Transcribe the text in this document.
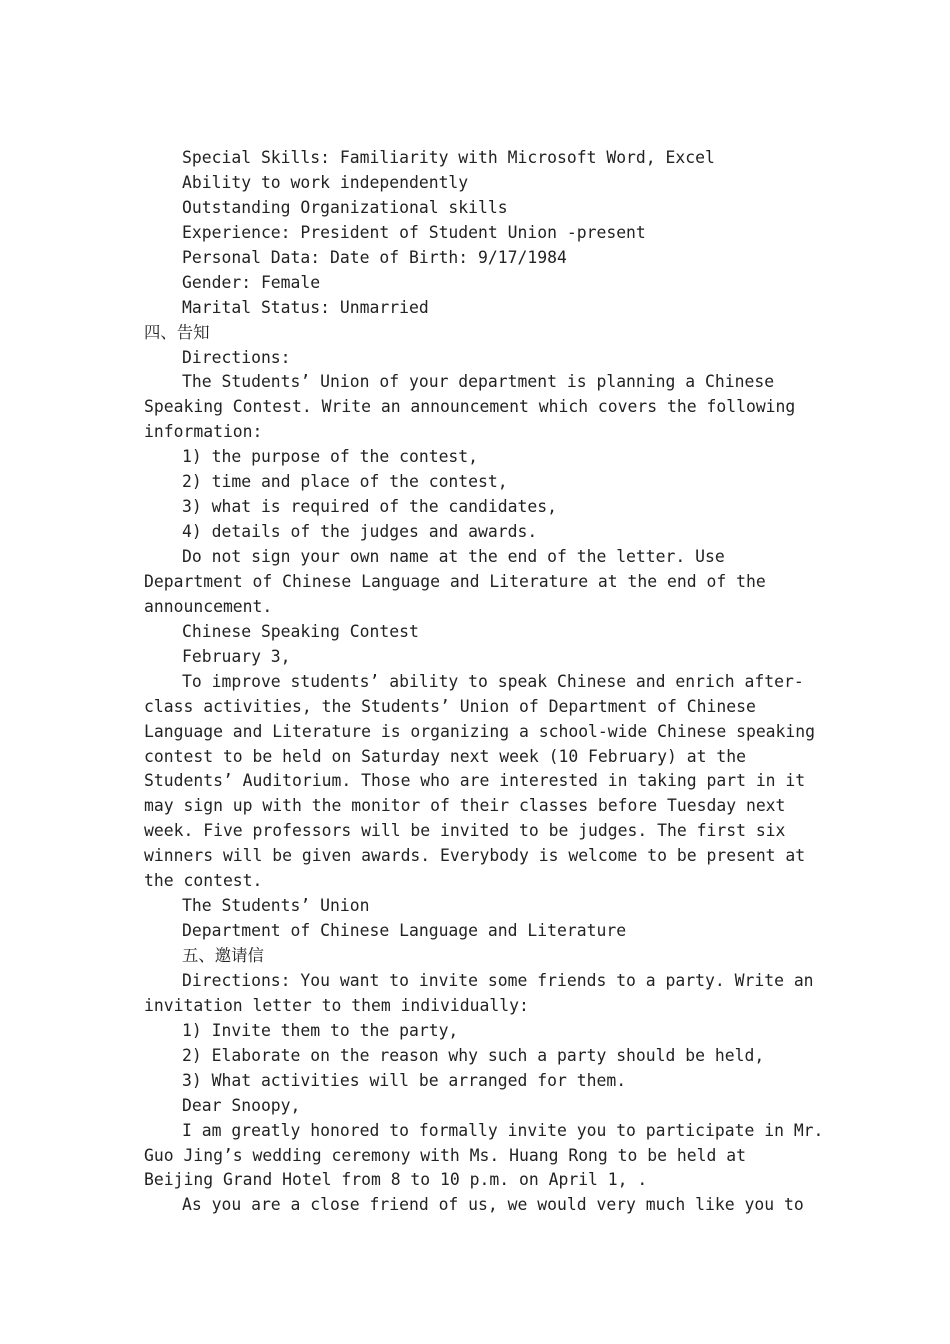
Special Skills: Familiarity with Microsoft Word, Excel
Ability to work independently
Outstanding Organizational skills
Experience: President of Student Union -present
Personal Data: Date of Birth: 9/17/1984
Gender: Female
Marital Status: Unmarried
四、告知
Directions:
The Students’ Union of your department is planning a Chinese
Speaking Contest. Write an announcement which covers the following
information:
1) the purpose of the contest,
2) time and place of the contest,
3) what is required of the candidates,
4) details of the judges and awards.
Do not sign your own name at the end of the letter. Use
Department of Chinese Language and Literature at the end of the
announcement.
Chinese Speaking Contest
February 3,
To improve students’ ability to speak Chinese and enrich after-
class activities, the Students’ Union of Department of Chinese
Language and Literature is organizing a school-wide Chinese speaking
contest to be held on Saturday next week (10 February) at the
Students’ Auditorium. Those who are interested in taking part in it
may sign up with the monitor of their classes before Tuesday next
week. Five professors will be invited to be judges. The first six
winners will be given awards. Everybody is welcome to be present at
the contest.
The Students’ Union
Department of Chinese Language and Literature
五、邀请信
Directions: You want to invite some friends to a party. Write an
invitation letter to them individually:
1) Invite them to the party,
2) Elaborate on the reason why such a party should be held,
3) What activities will be arranged for them.
Dear Snoopy,
I am greatly honored to formally invite you to participate in Mr.
Guo Jing’s wedding ceremony with Ms. Huang Rong to be held at
Beijing Grand Hotel from 8 to 10 p.m. on April 1, .
As you are a close friend of us, we would very much like you to
